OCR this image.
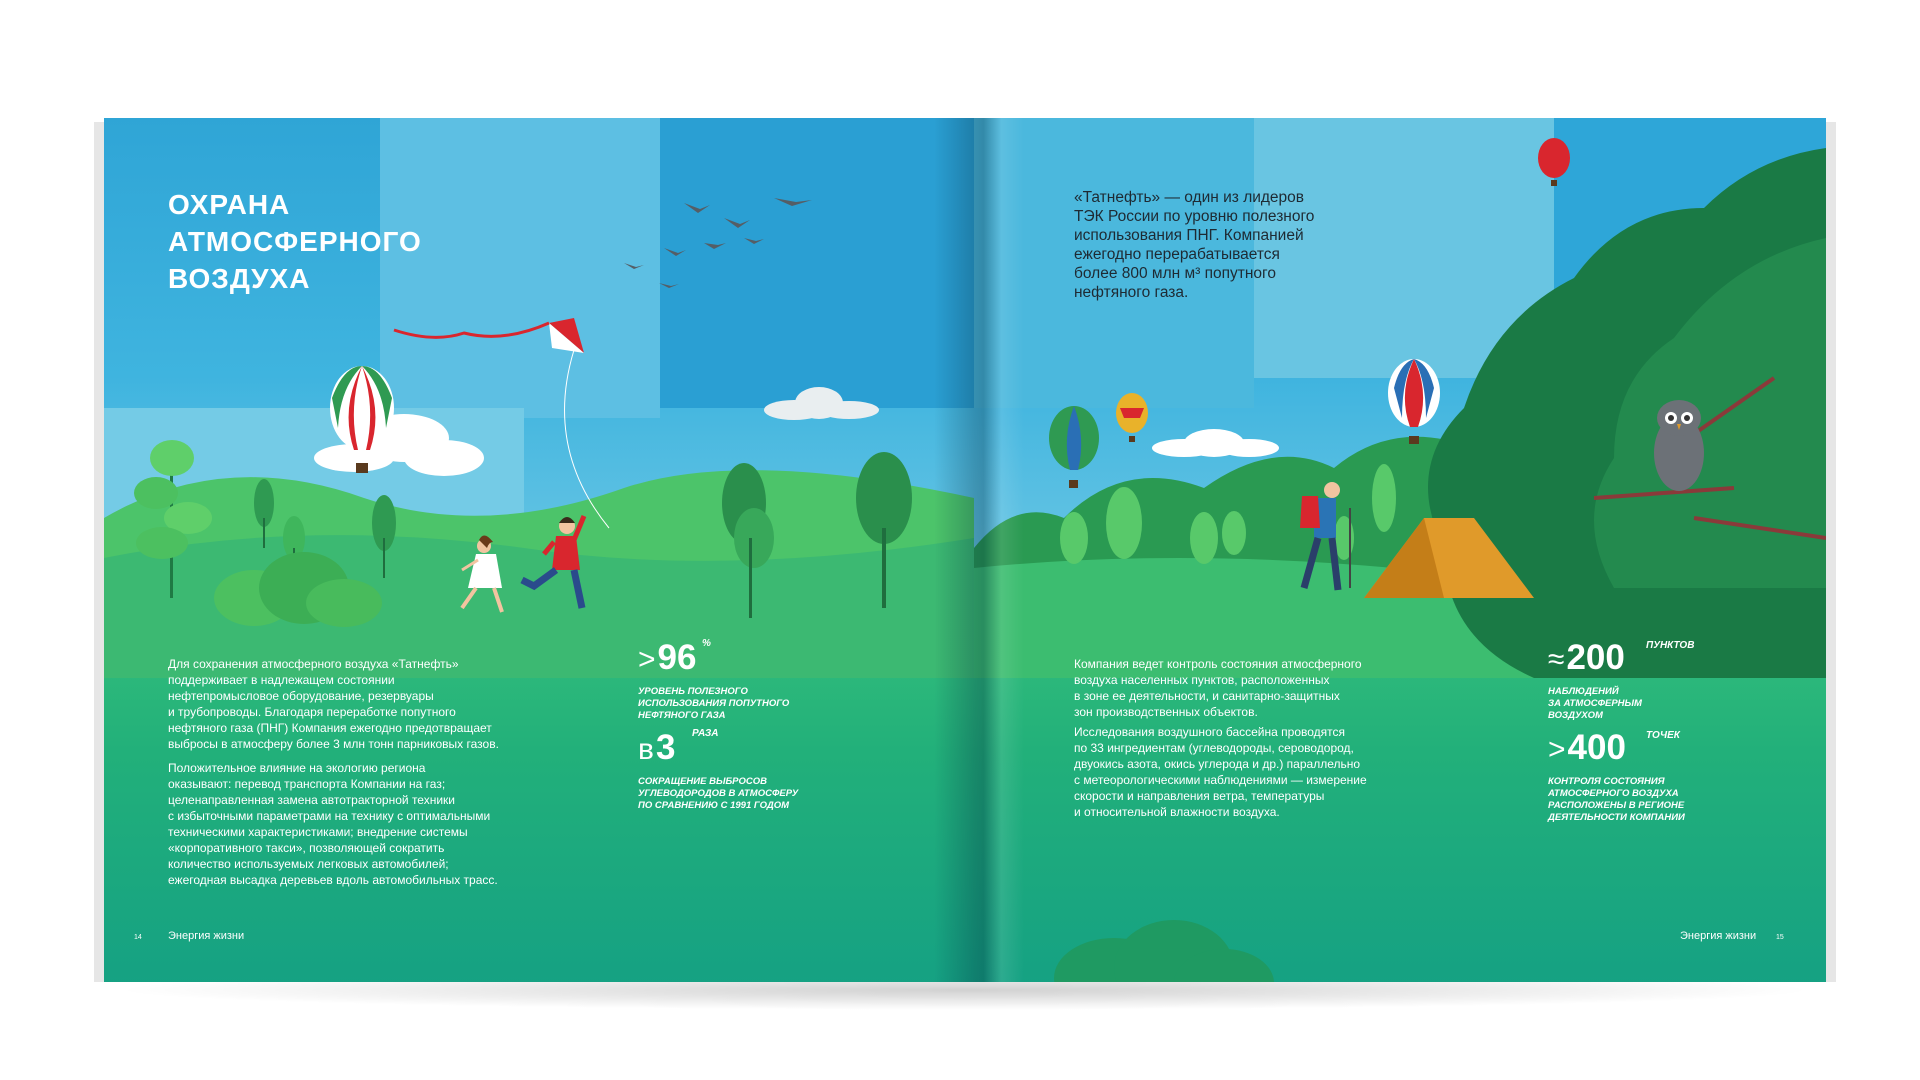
ОХРАНА
АТМОСФЕРНОГО
ВОЗДУХА

Для сохранения атмосферного воздуха «Татнефть»
поддерживает в надлежащем состоянии
нефтепромысловое оборудование, резервуары
и трубопроводы. Благодаря переработке попутного
нефтяного газа (ПНГ) Компания ежегодно предотвращает
выбросы в атмосферу более 3 млн тонн парниковых газов.

Положительное влияние на экологию региона
оказывают: перевод транспорта Компании на газ;
целенаправленная замена автотракторной техники
с избыточными параметрами на технику с оптимальными
техническими характеристиками; внедрение системы
«корпоративного такси», позволяющей сократить
количество используемых легковых автомобилей;
ежегодная высадка деревьев вдоль автомобильных трасс.

>96 %
УРОВЕНЬ ПОЛЕЗНОГО
ИСПОЛЬЗОВАНИЯ ПОПУТНОГО
НЕФТЯНОГО ГАЗА
в3	РАЗА
СОКРАЩЕНИЕ ВЫБРОСОВ
УГЛЕВОДОРОДОВ В АТМОСФЕРУ
ПО СРАВНЕНИЮ С 1991 ГОДОМ
14 Энергия жизни

«Татнефть» — один из лидеров
ТЭК России по уровню полезного
использования ПНГ. Компанией
ежегодно перерабатывается
более 800 млн м³ попутного
нефтяного газа.

Компания ведет контроль состояния атмосферного
воздуха населенных пунктов, расположенных
в зоне ее деятельности, и санитарно-защитных
зон производственных объектов.

Исследования воздушного бассейна проводятся
по 33 ингредиентам (углеводороды, сероводород,
двуокись азота, окись углерода и др.) параллельно
с метеорологическими наблюдениями — измерение
скорости и направления ветра, температуры
и относительной влажности воздуха.

≈200	ПУНКТОВ
НАБЛЮДЕНИЙ
ЗА АТМОСФЕРНЫМ
ВОЗДУХОМ
>400	ТОЧЕК
КОНТРОЛЯ СОСТОЯНИЯ
АТМОСФЕРНОГО ВОЗДУХА
РАСПОЛОЖЕНЫ В РЕГИОНЕ
ДЕЯТЕЛЬНОСТИ КОМПАНИИ
Энергия жизни	15
